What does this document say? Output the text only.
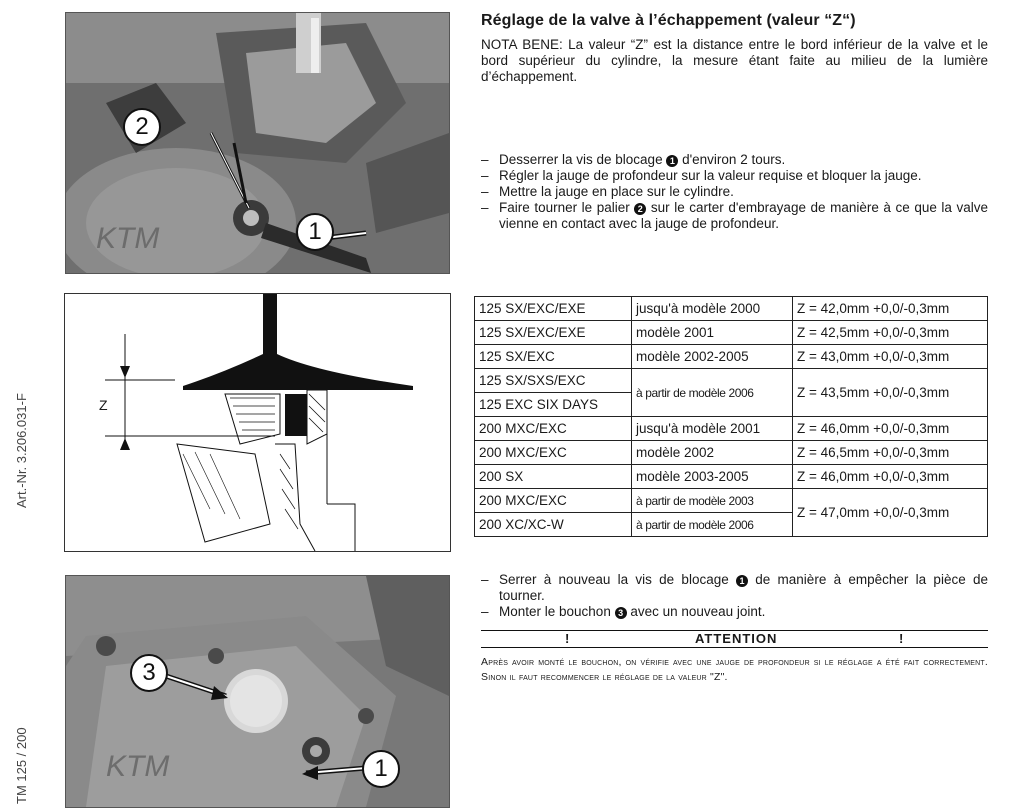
Art.-Nr. 3.206.031-F
TM 125 / 200
KTM
2
1
Z
KTM
3
1
Réglage de la valve à l’échappement (valeur “Z“)
NOTA BENE: La valeur “Z” est la distance entre le bord inférieur de la valve et le bord supérieur du cylindre, la mesure étant faite au milieu de la lumière d’échappement.
– Desserrer la vis de blocage 1 d'environ 2 tours.
– Régler la jauge de profondeur sur la valeur requise et bloquer la jauge.
– Mettre la jauge en place sur le cylindre.
– Faire tourner le palier 2 sur le carter d'embrayage de manière à ce que la valve vienne en contact avec la jauge de profondeur.
125 SX/EXC/EXE	jusqu'à modèle 2000	Z = 42,0mm +0,0/-0,3mm
125 SX/EXC/EXE	modèle 2001	Z = 42,5mm +0,0/-0,3mm
125 SX/EXC	modèle 2002-2005	Z = 43,0mm +0,0/-0,3mm
125 SX/SXS/EXC	à partir de modèle 2006	Z = 43,5mm +0,0/-0,3mm
125 EXC SIX DAYS		
200 MXC/EXC	jusqu'à modèle 2001	Z = 46,0mm +0,0/-0,3mm
200 MXC/EXC	modèle 2002	Z = 46,5mm +0,0/-0,3mm
200 SX	modèle 2003-2005	Z = 46,0mm +0,0/-0,3mm
200 MXC/EXC	à partir de modèle 2003	Z = 47,0mm +0,0/-0,3mm
200 XC/XC-W	à partir de modèle 2006	
– Serrer à nouveau la vis de blocage 1 de manière à empêcher la pièce de tourner.
– Monter le bouchon 3 avec un nouveau joint.
!	ATTENTION	!
Après avoir monté le bouchon, on vérifie avec une jauge de profondeur si le réglage a été fait correctement. Sinon il faut recommencer le réglage de la valeur "Z".
